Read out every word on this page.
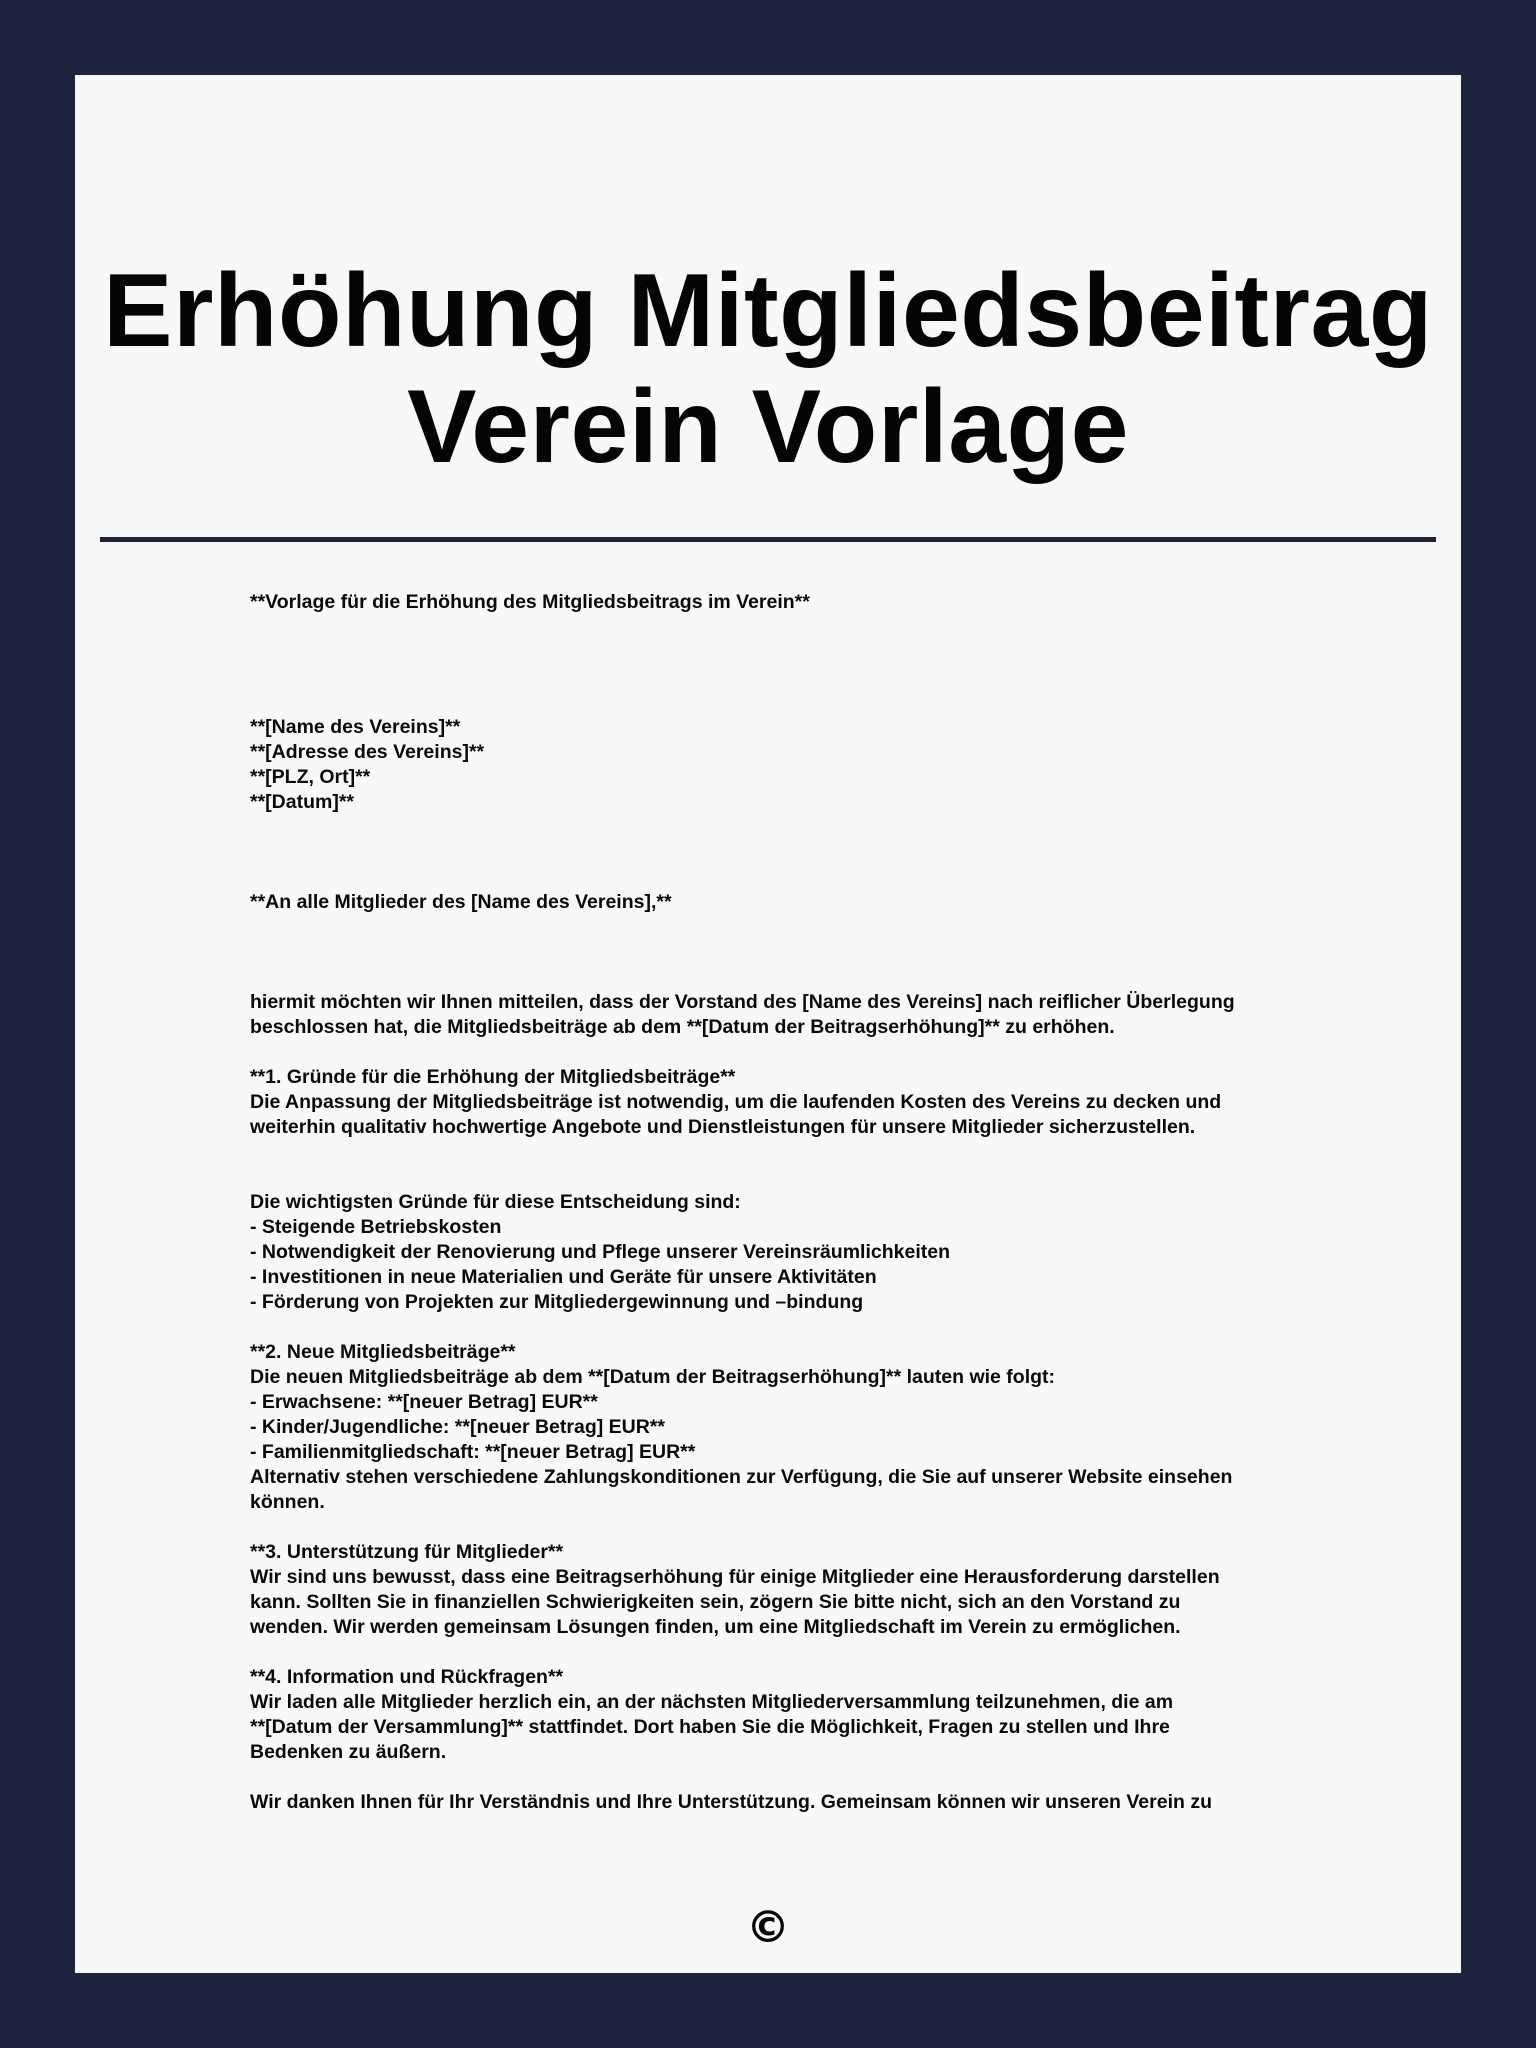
Erhöhung Mitgliedsbeitrag
Verein Vorlage

**Vorlage für die Erhöhung des Mitgliedsbeitrags im Verein**

**[Name des Vereins]**
**[Adresse des Vereins]**
**[PLZ, Ort]**
**[Datum]**

**An alle Mitglieder des [Name des Vereins],**

hiermit möchten wir Ihnen mitteilen, dass der Vorstand des [Name des Vereins] nach reiflicher Überlegung
beschlossen hat, die Mitgliedsbeiträge ab dem **[Datum der Beitragserhöhung]** zu erhöhen.

**1. Gründe für die Erhöhung der Mitgliedsbeiträge**
Die Anpassung der Mitgliedsbeiträge ist notwendig, um die laufenden Kosten des Vereins zu decken und
weiterhin qualitativ hochwertige Angebote und Dienstleistungen für unsere Mitglieder sicherzustellen.

Die wichtigsten Gründe für diese Entscheidung sind:
- Steigende Betriebskosten
- Notwendigkeit der Renovierung und Pflege unserer Vereinsräumlichkeiten
- Investitionen in neue Materialien und Geräte für unsere Aktivitäten
- Förderung von Projekten zur Mitgliedergewinnung und –bindung

**2. Neue Mitgliedsbeiträge**
Die neuen Mitgliedsbeiträge ab dem **[Datum der Beitragserhöhung]** lauten wie folgt:
- Erwachsene: **[neuer Betrag] EUR**
- Kinder/Jugendliche: **[neuer Betrag] EUR**
- Familienmitgliedschaft: **[neuer Betrag] EUR**
Alternativ stehen verschiedene Zahlungskonditionen zur Verfügung, die Sie auf unserer Website einsehen
können.

**3. Unterstützung für Mitglieder**
Wir sind uns bewusst, dass eine Beitragserhöhung für einige Mitglieder eine Herausforderung darstellen
kann. Sollten Sie in finanziellen Schwierigkeiten sein, zögern Sie bitte nicht, sich an den Vorstand zu
wenden. Wir werden gemeinsam Lösungen finden, um eine Mitgliedschaft im Verein zu ermöglichen.

**4. Information und Rückfragen**
Wir laden alle Mitglieder herzlich ein, an der nächsten Mitgliederversammlung teilzunehmen, die am
**[Datum der Versammlung]** stattfindet. Dort haben Sie die Möglichkeit, Fragen zu stellen und Ihre
Bedenken zu äußern.

Wir danken Ihnen für Ihr Verständnis und Ihre Unterstützung. Gemeinsam können wir unseren Verein zu

©
